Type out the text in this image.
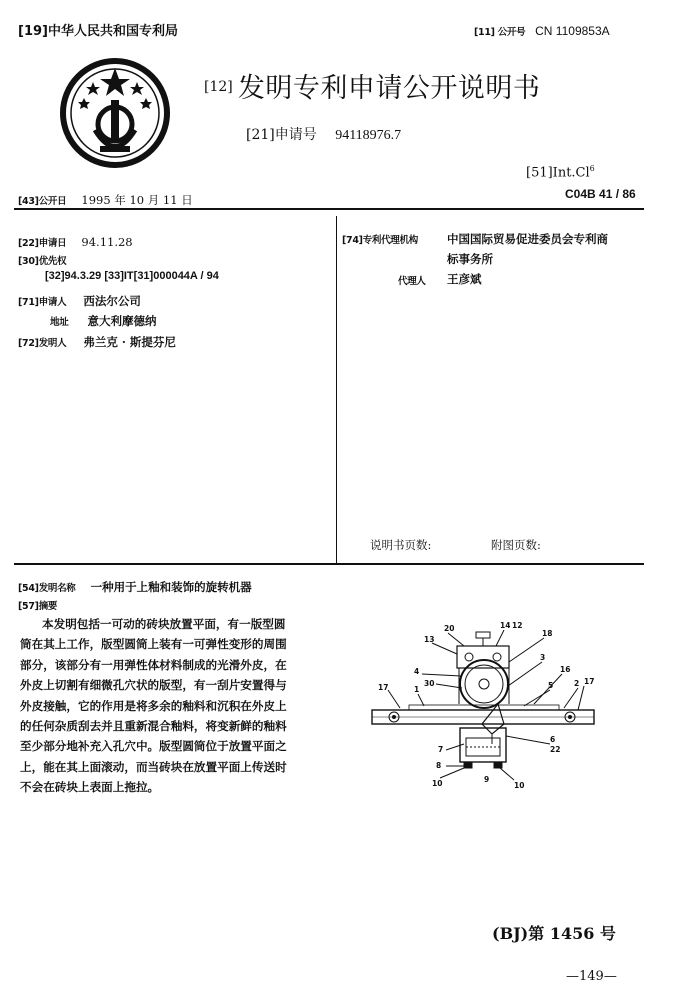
[19]中华人民共和国专利局	[11] 公开号 CN 1109853A
[12] 发明专利申请公开说明书
[21]申请号 94118976.7
[51]Int.Cl$^6$
C04B 41 / 86
[43]公开日 1995 年 10 月 11 日
[22]申请日 94.11.28
[30]优先权
[32]94.3.29 [33]IT[31]000044A / 94
[71]申请人 西法尔公司
地址 意大利摩德纳
[72]发明人 弗兰克 · 斯提芬尼
[74]专利代理机构	中国国际贸易促进委员会专利商
标事务所
代理人 王彦斌
说明书页数:	附图页数:
[54]发明名称 一种用于上釉和装饰的旋转机器
[57]摘要

本发明包括一可动的砖块放置平面，有一版型圆

筒在其上工作，版型圆筒上装有一可弹性变形的周围

部分，该部分有一用弹性体材料制成的光滑外皮，在

外皮上切割有细微孔穴状的版型，有一刮片安置得与

外皮接触，它的作用是将多余的釉料和沉积在外皮上

的任何杂质刮去并且重新混合釉料，将变新鲜的釉料

至少部分地补充入孔穴中。版型圆筒位于放置平面之

上，能在其上面滚动，而当砖块在放置平面上传送时

不会在砖块上表面上拖拉。

20	14 12
13
18
4
3
30	5
16
2
17	1
17
6
7	22
8
9
10	10
(BJ)第 1456 号
—149—
